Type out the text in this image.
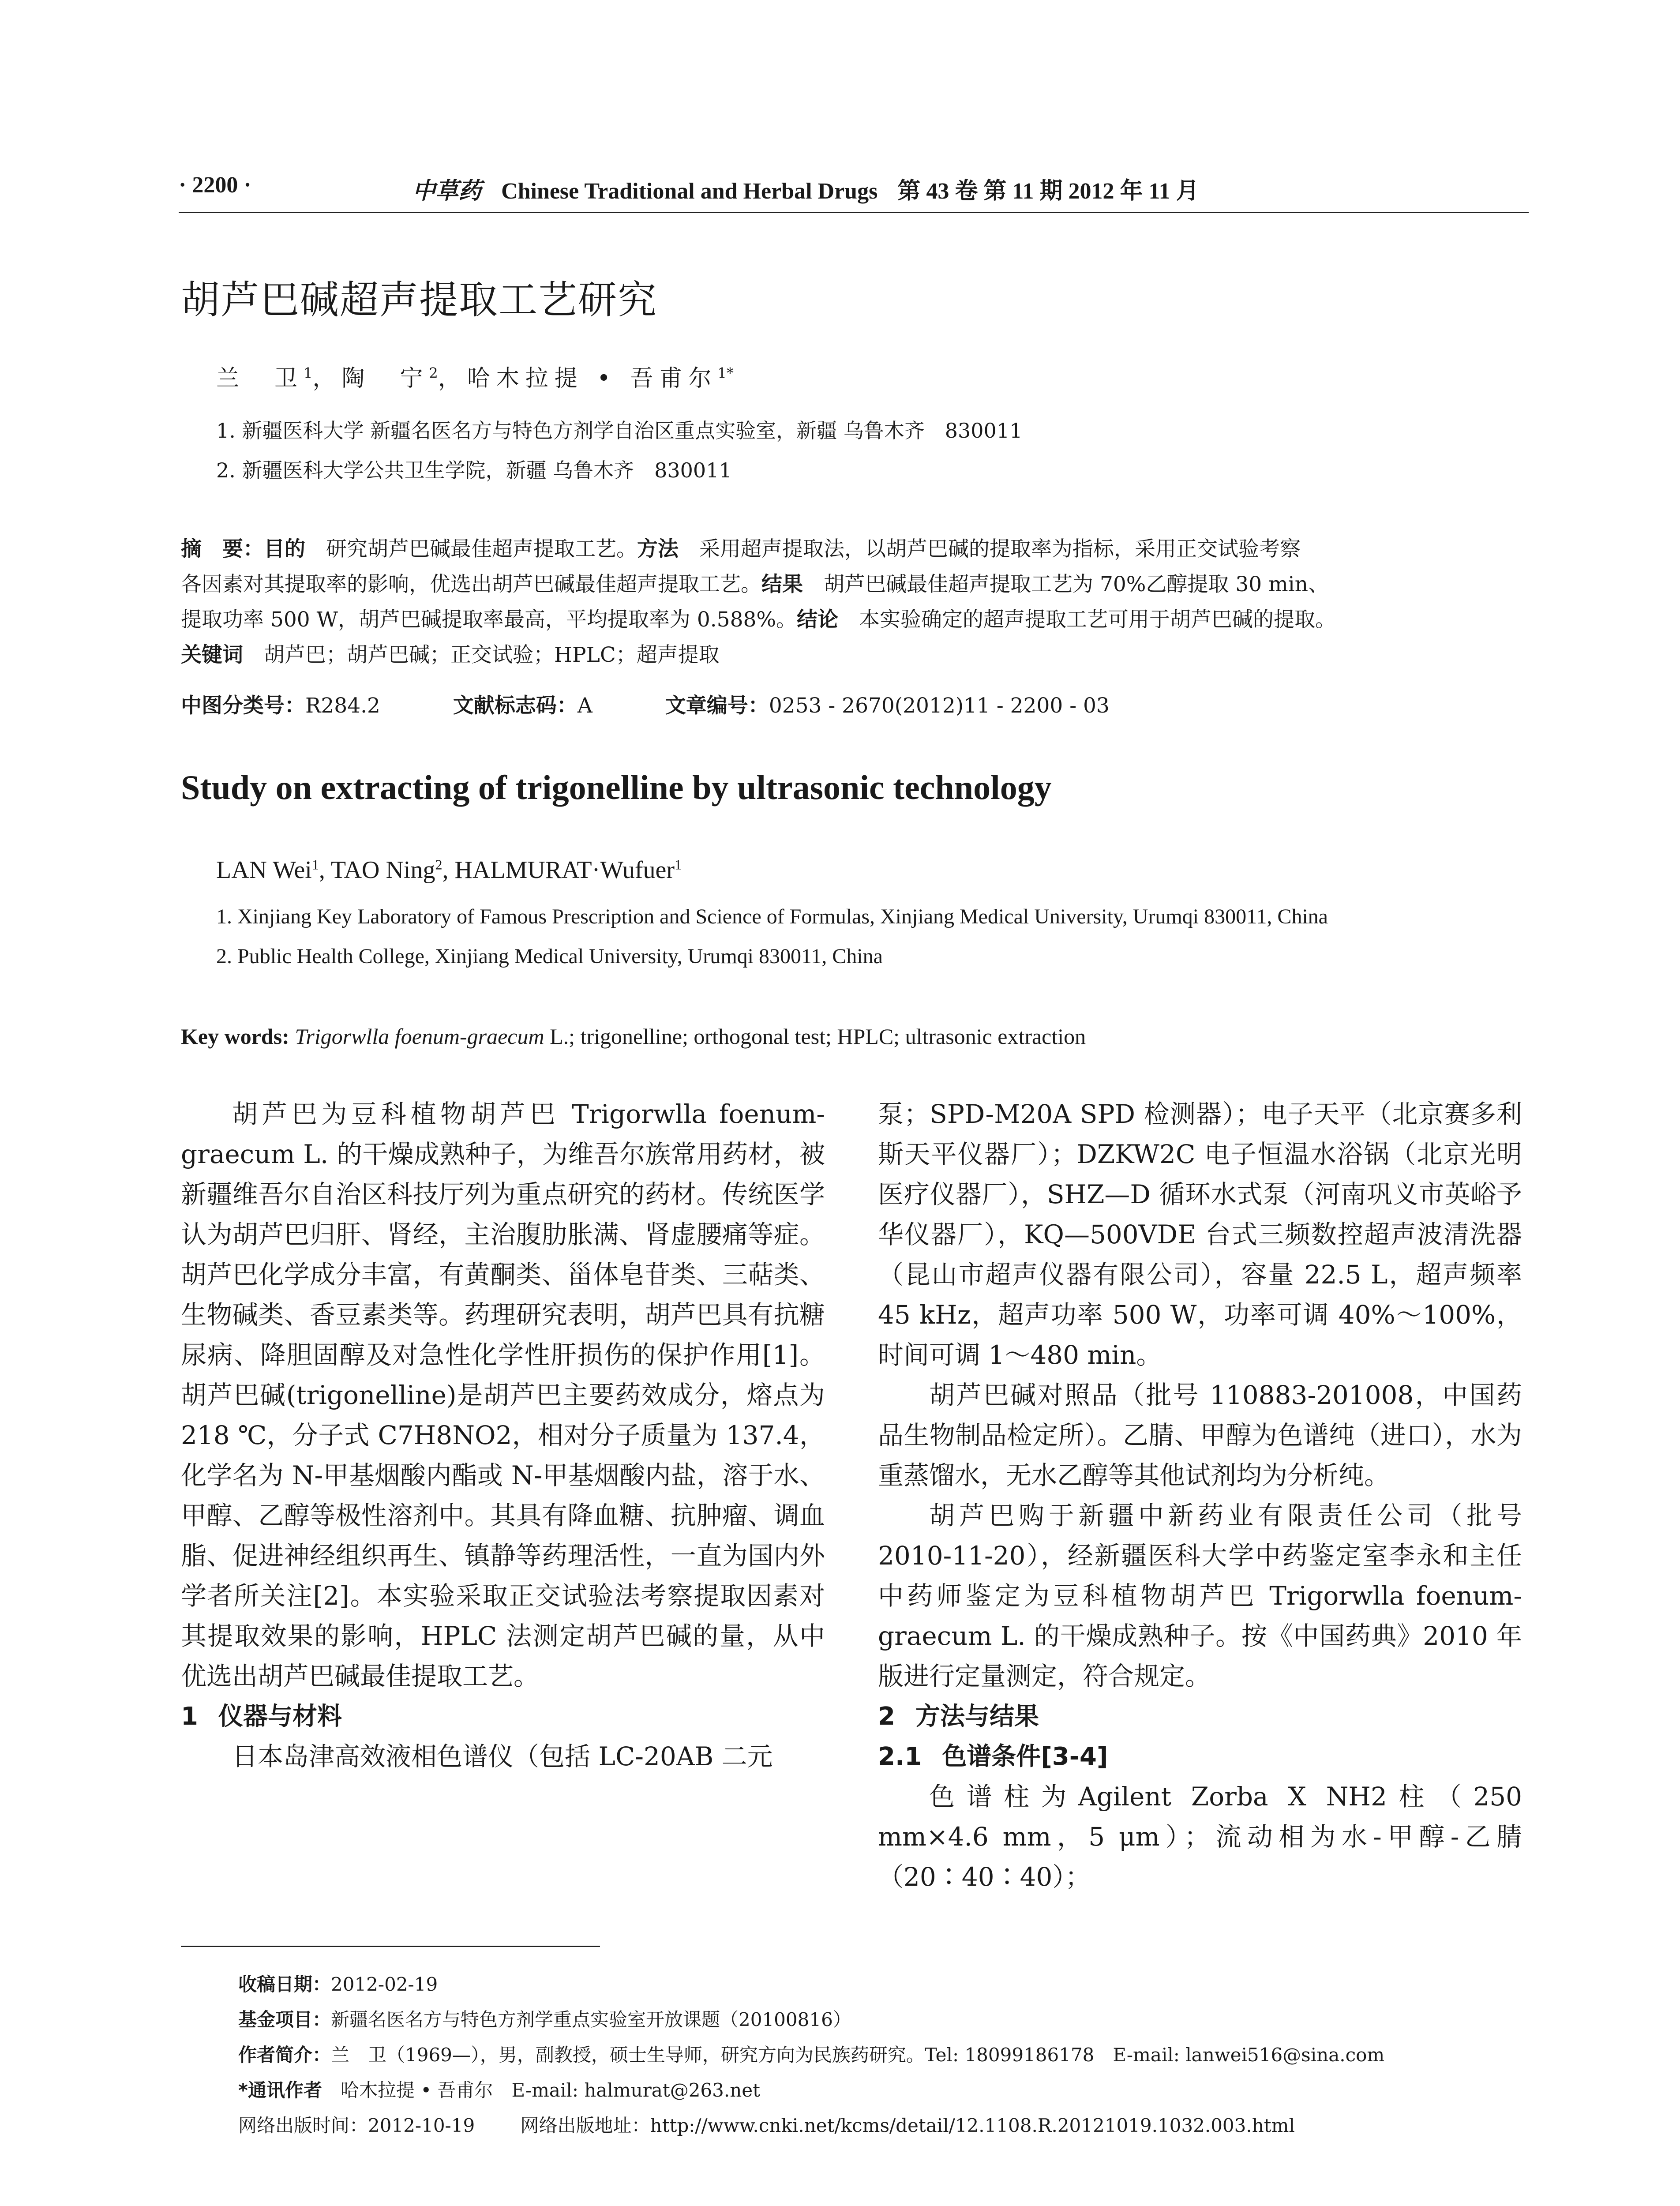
· 2200 ·	中草药 Chinese Traditional and Herbal Drugs 第 43 卷 第 11 期 2012 年 11 月
胡芦巴碱超声提取工艺研究
兰　卫$^1$，陶　宁$^2$，哈木拉提 • 吾甫尔$^{1*}$
1. 新疆医科大学 新疆名医名方与特色方剂学自治区重点实验室，新疆 乌鲁木齐　830011
2. 新疆医科大学公共卫生学院，新疆 乌鲁木齐　830011
摘　要：目的　 研究胡芦巴碱最佳超声提取工艺。方法　 采用超声提取法，以胡芦巴碱的提取率为指标，采用正交试验考察
各因素对其提取率的影响，优选出胡芦巴碱最佳超声提取工艺。结果　 胡芦巴碱最佳超声提取工艺为 70%乙醇提取 30 min、
提取功率 500 W，胡芦巴碱提取率最高，平均提取率为 0.588%。结论　 本实验确定的超声提取工艺可用于胡芦巴碱的提取。
关键词　 胡芦巴；胡芦巴碱；正交试验；HPLC；超声提取
中图分类号：R284.2	文献标志码：A	文章编号：0253 - 2670(2012)11 - 2200 - 03
Study on extracting of trigonelline by ultrasonic technology
LAN Wei$^1$, TAO Ning$^2$, HALMURAT·Wufuer$^1$
1. Xinjiang Key Laboratory of Famous Prescription and Science of Formulas, Xinjiang Medical University, Urumqi 830011, China
2. Public Health College, Xinjiang Medical University, Urumqi 830011, China
Key words: Trigorwlla foenum-graecum L.; trigonelline; orthogonal test; HPLC; ultrasonic extraction

胡芦巴为豆科植物胡芦巴 Trigorwlla foenum-graecum L. 的干燥成熟种子，为维吾尔族常用药材，被新疆维吾尔自治区科技厅列为重点研究的药材。传统医学认为胡芦巴归肝、肾经，主治腹肋胀满、肾虚腰痛等症。胡芦巴化学成分丰富，有黄酮类、甾体皂苷类、三萜类、生物碱类、香豆素类等。药理研究表明，胡芦巴具有抗糖尿病、降胆固醇及对急性化学性肝损伤的保护作用[1]。胡芦巴碱(trigonelline)是胡芦巴主要药效成分，熔点为 218 ℃，分子式 C7H8NO2，相对分子质量为 137.4，化学名为 N-甲基烟酸内酯或 N-甲基烟酸内盐，溶于水、甲醇、乙醇等极性溶剂中。其具有降血糖、抗肿瘤、调血脂、促进神经组织再生、镇静等药理活性，一直为国内外学者所关注[2]。本实验采取正交试验法考察提取因素对其提取效果的影响，HPLC 法测定胡芦巴碱的量，从中优选出胡芦巴碱最佳提取工艺。

1 仪器与材料

日本岛津高效液相色谱仪（包括 LC-20AB 二元

泵；SPD-M20A SPD 检测器）；电子天平（北京赛多利斯天平仪器厂）；DZKW2C 电子恒温水浴锅（北京光明医疗仪器厂），SHZ—D 循环水式泵（河南巩义市英峪予华仪器厂），KQ—500VDE 台式三频数控超声波清洗器（昆山市超声仪器有限公司），容量 22.5 L，超声频率 45 kHz，超声功率 500 W，功率可调 40%～100%，时间可调 1～480 min。

胡芦巴碱对照品（批号 110883-201008，中国药品生物制品检定所）。乙腈、甲醇为色谱纯（进口），水为重蒸馏水，无水乙醇等其他试剂均为分析纯。

胡芦巴购于新疆中新药业有限责任公司（批号 2010-11-20），经新疆医科大学中药鉴定室李永和主任中药师鉴定为豆科植物胡芦巴 Trigorwlla foenum-graecum L. 的干燥成熟种子。按《中国药典》2010 年版进行定量测定，符合规定。

2 方法与结果

2.1 色谱条件[3-4]

色谱柱为Agilent Zorba X NH2柱（250 mm×4.6 mm，5 μm）；流动相为水-甲醇-乙腈（20∶40∶40）；

收稿日期：2012-02-19
基金项目：新疆名医名方与特色方剂学重点实验室开放课题（20100816）
作者简介：兰　卫（1969—），男，副教授，硕士生导师，研究方向为民族药研究。Tel: 18099186178　E-mail: lanwei516@sina.com
*通讯作者　 哈木拉提 • 吾甫尔　E-mail: halmurat@263.net
网络出版时间：2012-10-19 网络出版地址：http://www.cnki.net/kcms/detail/12.1108.R.20121019.1032.003.html
